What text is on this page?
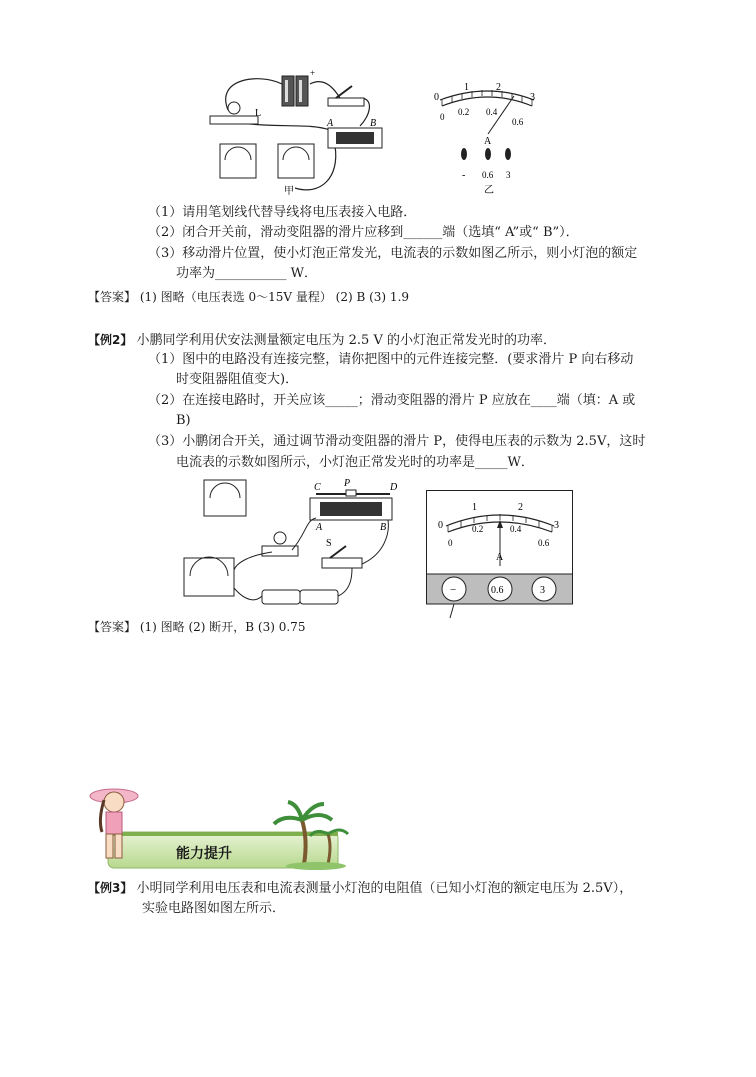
L
+
A	B
甲
0
1	2
3
0 0.2 0.4
0.6
A
- 0.6 3
乙
（1）请用笔划线代替导线将电压表接入电路．
（2）闭合开关前，滑动变阻器的滑片应移到______端（选填“ A”或“ B”）．
（3）移动滑片位置，使小灯泡正常发光，电流表的示数如图乙所示，则小灯泡的额定
功率为___________ W．
【答案】 (1) 图略（电压表选 0～15V 量程） (2) B (3) 1.9
【例2】 小鹏同学利用伏安法测量额定电压为 2.5 V 的小灯泡正常发光时的功率．
（1）图中的电路没有连接完整，请你把图中的元件连接完整．(要求滑片 P 向右移动
时变阻器阻值变大)．
（2）在连接电路时，开关应该_____；滑动变阻器的滑片 P 应放在____端（填：A 或
B)
（3）小鹏闭合开关，通过调节滑动变阻器的滑片 P，使得电压表的示数为 2.5V，这时
电流表的示数如图所示，小灯泡正常发光时的功率是_____W．
C P	D
A	B
S
0
1	2
3
0
0.2	0.4
0.6
A
−	0.6	3
【答案】 (1) 图略 (2) 断开，B (3) 0.75
能力提升
【例3】 小明同学利用电压表和电流表测量小灯泡的电阻值（已知小灯泡的额定电压为 2.5V），
实验电路图如图左所示．
